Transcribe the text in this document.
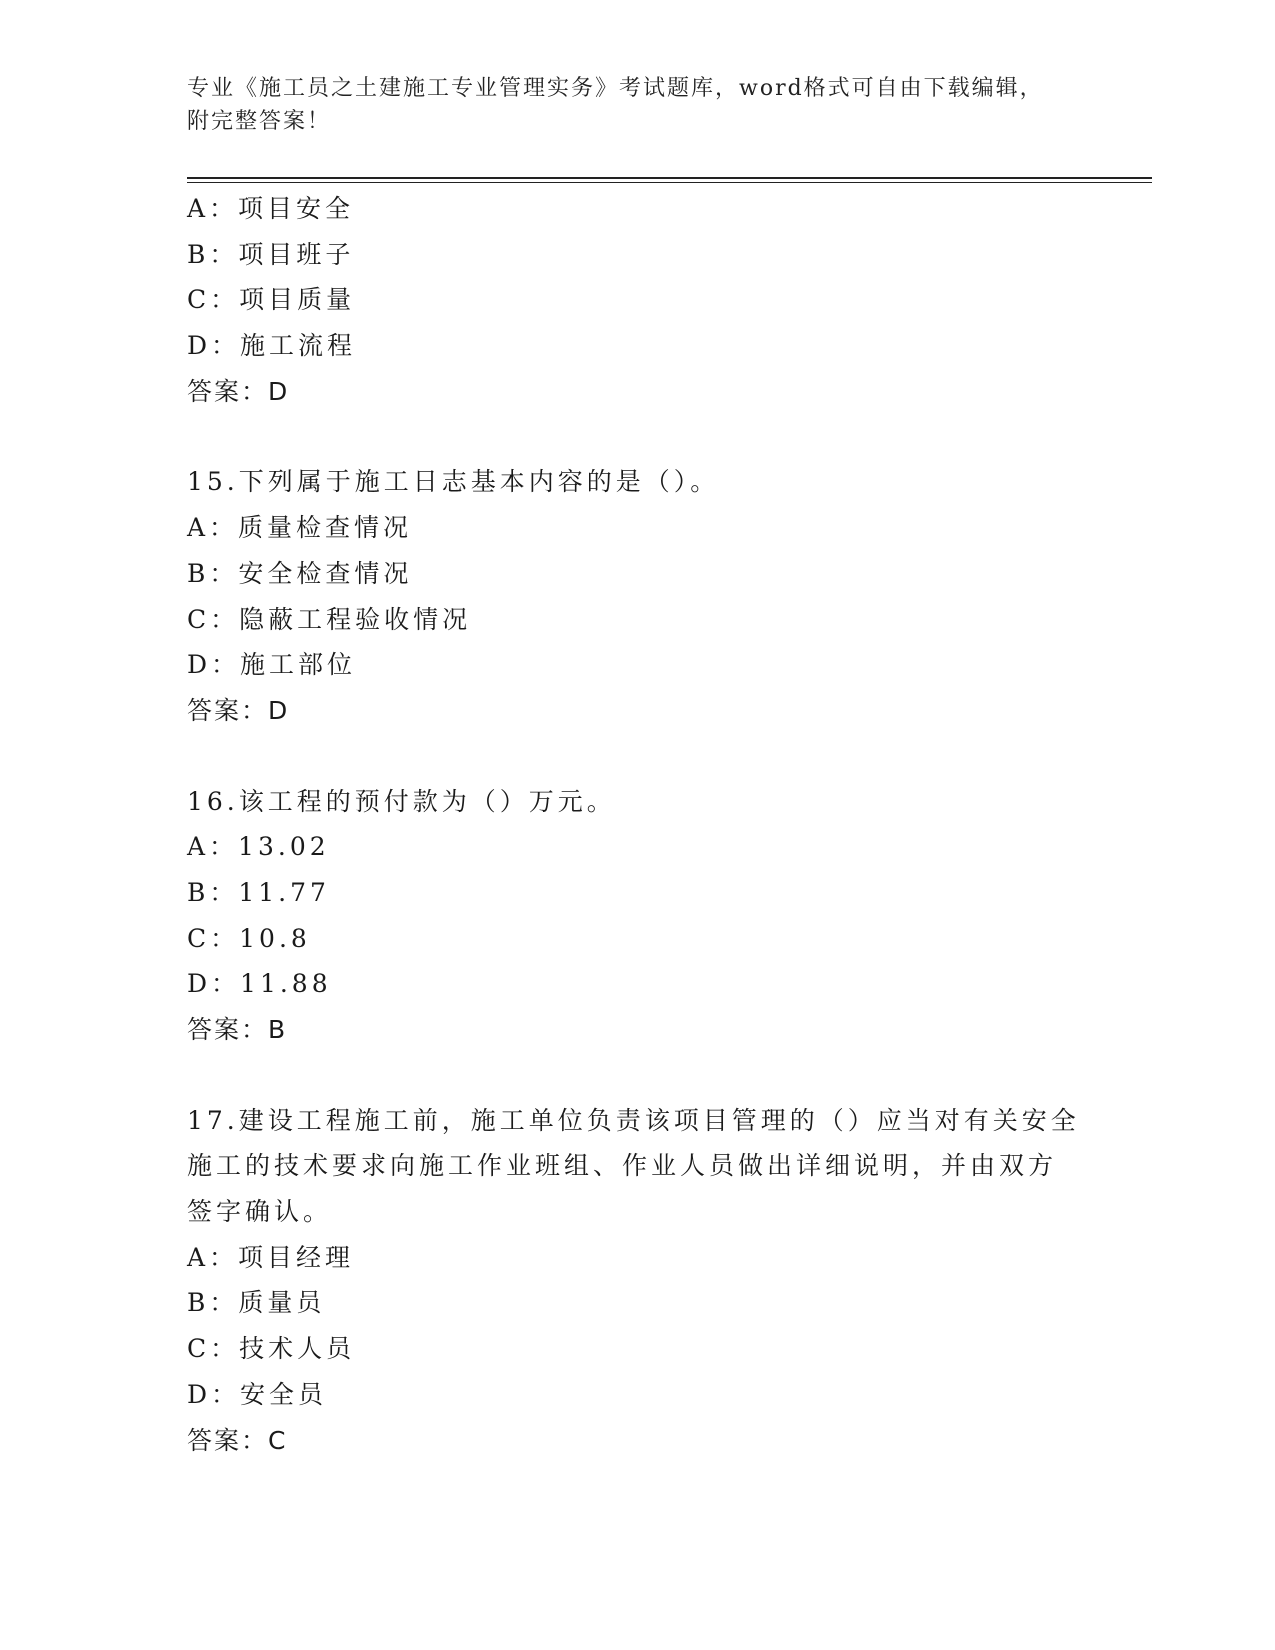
专业《施工员之土建施工专业管理实务》考试题库，word格式可自由下载编辑，
附完整答案！
A：项目安全
B：项目班子
C：项目质量
D：施工流程
答案：D
15.下列属于施工日志基本内容的是（）。
A：质量检查情况
B：安全检查情况
C：隐蔽工程验收情况
D：施工部位
答案：D
16.该工程的预付款为（）万元。
A：13.02
B：11.77
C：10.8
D：11.88
答案：B
17.建设工程施工前，施工单位负责该项目管理的（）应当对有关安全
施工的技术要求向施工作业班组、作业人员做出详细说明，并由双方
签字确认。
A：项目经理
B：质量员
C：技术人员
D：安全员
答案：C
